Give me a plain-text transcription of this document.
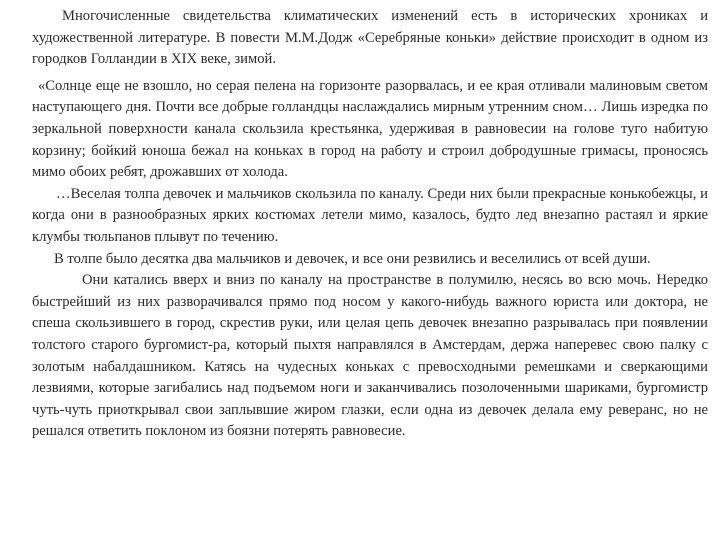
Многочисленные свидетельства климатических изменений есть в исторических хрониках и художественной литературе. В повести М.М.Додж «Серебряные коньки» действие происходит в одном из городков Голландии в XIX веке, зимой.

«Солнце еще не взошло, но серая пелена на горизонте разорвалась, и ее края отливали малиновым светом наступающего дня. Почти все добрые голландцы наслаждались мирным утренним сном… Лишь изредка по зеркальной поверхности канала скользила крестьянка, удерживая в равновесии на голове туго набитую корзину; бойкий юноша бежал на коньках в город на работу и строил добродушные гримасы, проносясь мимо обоих ребят, дрожавших от холода.

…Веселая толпа девочек и мальчиков скользила по каналу. Среди них были прекрасные конькобежцы, и когда они в разнообразных ярких костюмах летели мимо, казалось, будто лед внезапно растаял и яркие клумбы тюльпанов плывут по течению.

В толпе было десятка два мальчиков и девочек, и все они резвились и веселились от всей души.

Они катались вверх и вниз по каналу на пространстве в полумилю, несясь во всю мочь. Нередко быстрейший из них разворачивался прямо под носом у какого-нибудь важного юриста или доктора, не спеша скользившего в город, скрестив руки, или целая цепь девочек внезапно разрывалась при появлении толстого старого бургомист-ра, который пыхтя направлялся в Амстердам, держа наперевес свою палку с золотым набалдашником. Катясь на чудесных коньках с превосходными ремешками и сверкающими лезвиями, которые загибались над подъемом ноги и заканчивались позолоченными шариками, бургомистр чуть-чуть приоткрывал свои заплывшие жиром глазки, если одна из девочек делала ему реверанс, но не решался ответить поклоном из боязни потерять равновесие.
